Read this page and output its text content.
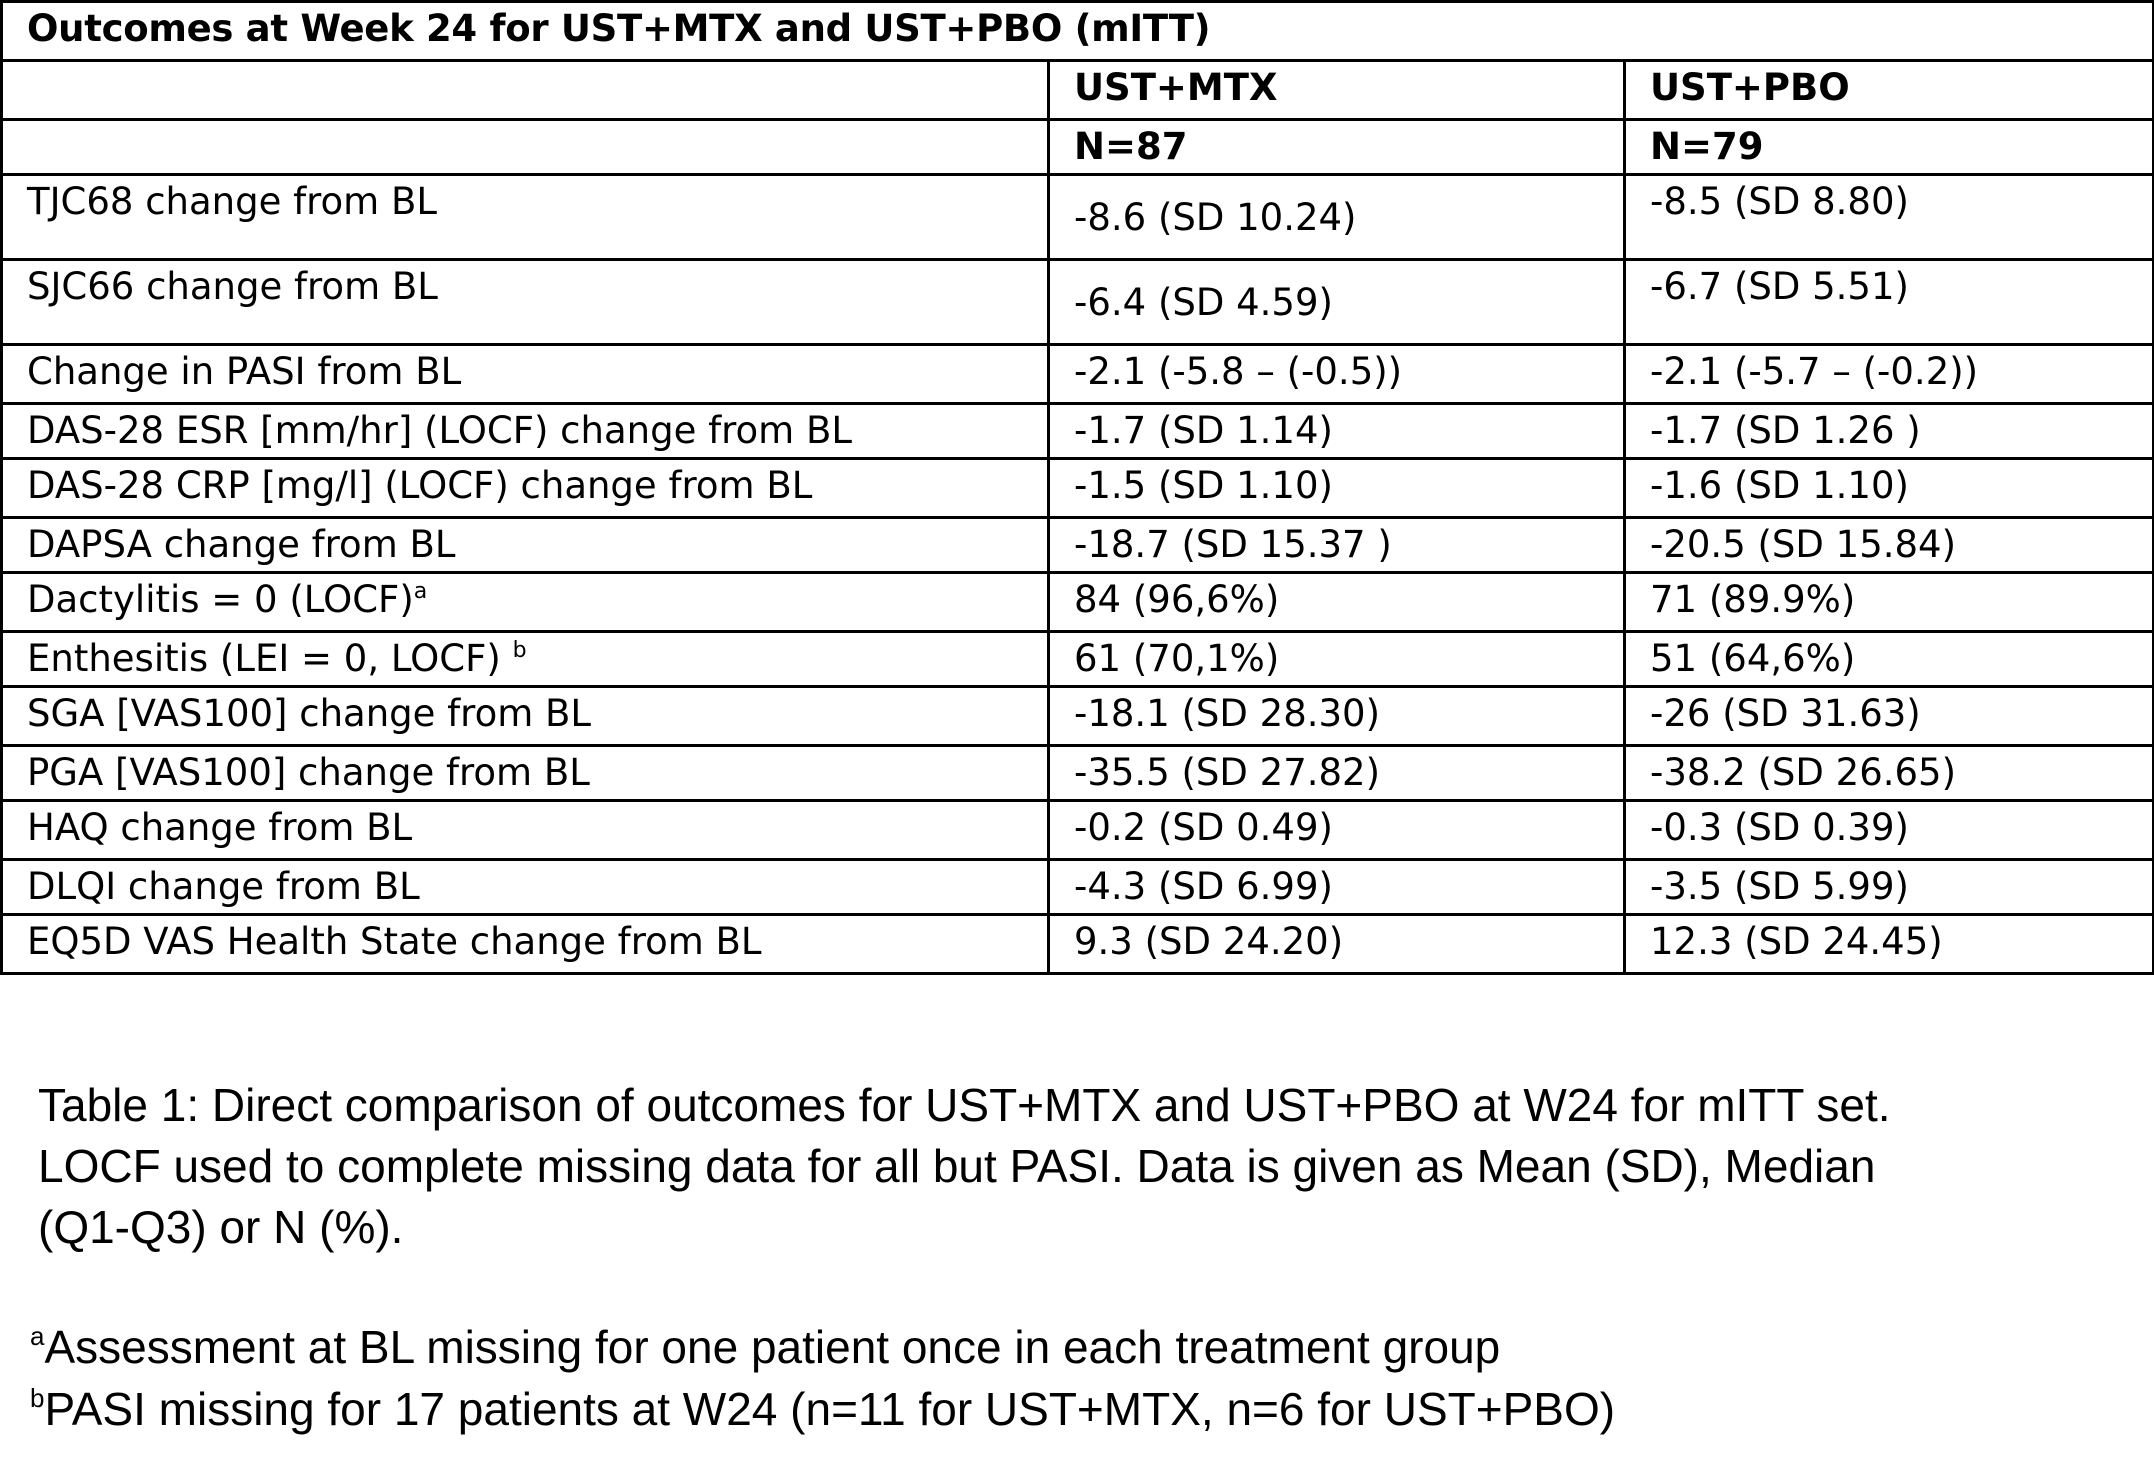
Outcomes at Week 24 for UST+MTX and UST+PBO (mITT)		
	UST+MTX	UST+PBO
	N=87	N=79
TJC68 change from BL	-8.6 (SD 10.24)	-8.5 (SD 8.80)
SJC66 change from BL	-6.4 (SD 4.59)	-6.7 (SD 5.51)
Change in PASI from BL	-2.1 (-5.8 – (-0.5))	-2.1 (-5.7 – (-0.2))
DAS-28 ESR [mm/hr] (LOCF) change from BL	-1.7 (SD 1.14)	-1.7 (SD 1.26 )
DAS-28 CRP [mg/l] (LOCF) change from BL	-1.5 (SD 1.10)	-1.6 (SD 1.10)
DAPSA change from BL	-18.7 (SD 15.37 )	-20.5 (SD 15.84)
Dactylitis = 0 (LOCF)$^a$	84 (96,6%)	71 (89.9%)
Enthesitis (LEI = 0, LOCF) $^b$	61 (70,1%)	51 (64,6%)
SGA [VAS100] change from BL	-18.1 (SD 28.30)	-26 (SD 31.63)
PGA [VAS100] change from BL	-35.5 (SD 27.82)	-38.2 (SD 26.65)
HAQ change from BL	-0.2 (SD 0.49)	-0.3 (SD 0.39)
DLQI change from BL	-4.3 (SD 6.99)	-3.5 (SD 5.99)
EQ5D VAS Health State change from BL	9.3 (SD 24.20)	12.3 (SD 24.45)

Table 1: Direct comparison of outcomes for UST+MTX and UST+PBO at W24 for mITT set.

LOCF used to complete missing data for all but PASI. Data is given as Mean (SD), Median

(Q1-Q3) or N (%).

$^a$Assessment at BL missing for one patient once in each treatment group

$^b$PASI missing for 17 patients at W24 (n=11 for UST+MTX, n=6 for UST+PBO)
